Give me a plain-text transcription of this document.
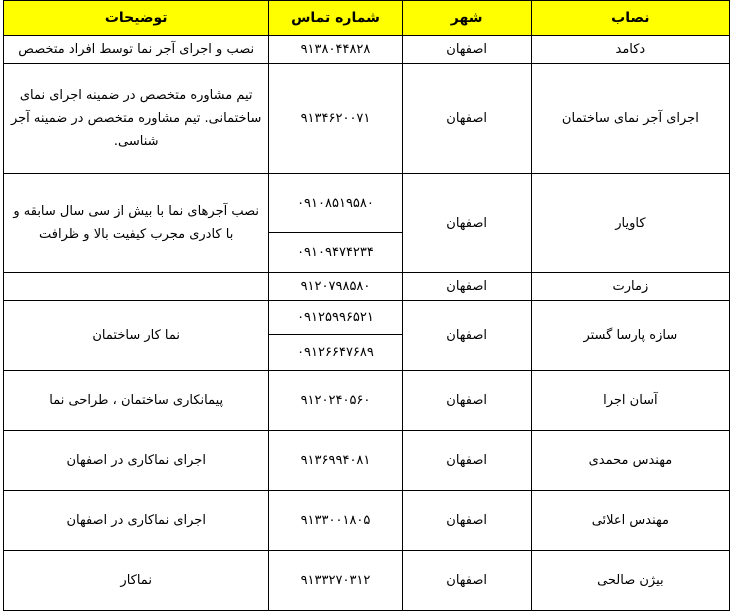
نصاب	شهر	شماره تماس	توضیحات
دکامد	اصفهان	۹۱۳۸۰۴۴۸۲۸	نصب و اجرای آجر نما توسط افراد متخصص
اجرای آجر نمای ساختمان	اصفهان	۹۱۳۴۶۲۰۰۷۱	تیم مشاوره متخصص در ضمینه اجرای نمای ساختمانی. تیم مشاوره متخصص در ضمینه آجر شناسی.
کاویار	اصفهان	۰۹۱۰۸۵۱۹۵۸۰	نصب آجرهای نما با بیش از سی سال سابقه و با کادری مجرب کیفیت بالا و ظرافت
		۰۹۱۰۹۴۷۴۲۳۴	
زمارت	اصفهان	۹۱۲۰۷۹۸۵۸۰	
سازه پارسا گستر	اصفهان	۰۹۱۲۵۹۹۶۵۲۱	نما کار ساختمان
		۰۹۱۲۶۶۴۷۶۸۹	
آسان اجرا	اصفهان	۹۱۲۰۲۴۰۵۶۰	پیمانکاری ساختمان ، طراحی نما
مهندس محمدی	اصفهان	۹۱۳۶۹۹۴۰۸۱	اجرای نماکاری در اصفهان
مهندس اعلائی	اصفهان	۹۱۳۳۰۰۱۸۰۵	اجرای نماکاری در اصفهان
بیژن صالحی	اصفهان	۹۱۳۳۲۷۰۳۱۲	نماکار
